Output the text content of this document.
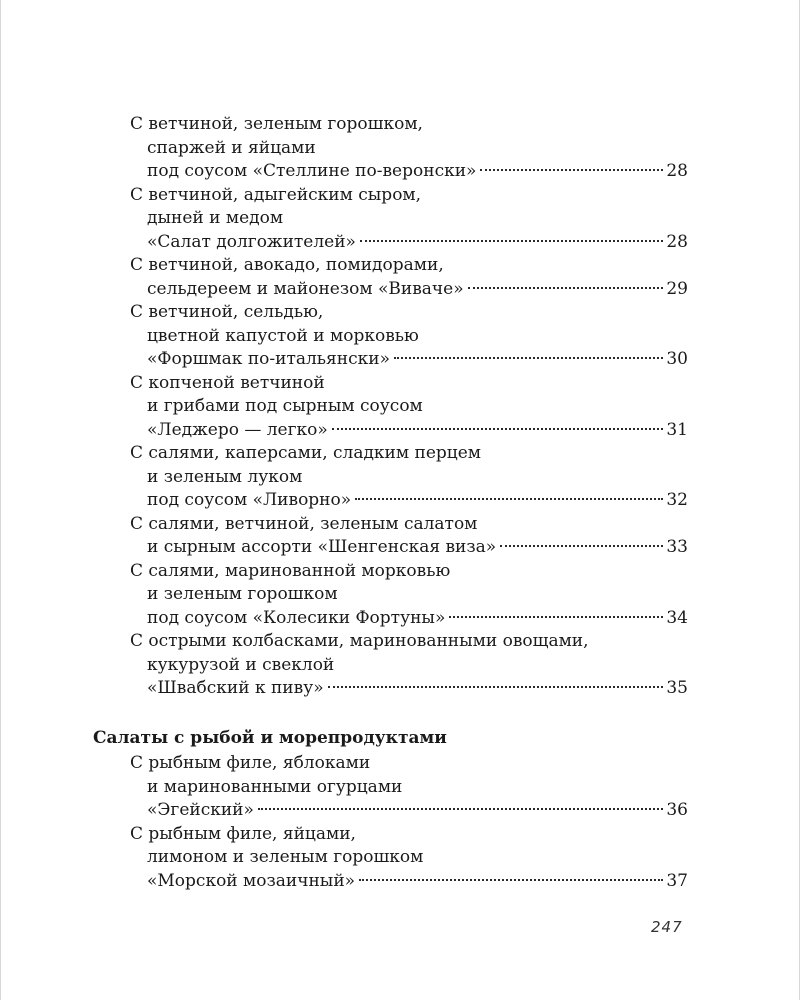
С ветчиной, зеленым горошком,
спаржей и яйцами
под соусом «Стеллине по-веронски»	28
С ветчиной, адыгейским сыром,
дыней и медом
«Салат долгожителей»	28
С ветчиной, авокадо, помидорами,
сельдереем и майонезом «Виваче»	29
С ветчиной, сельдью,
цветной капустой и морковью
«Форшмак по-итальянски»	30
С копченой ветчиной
и грибами под сырным соусом
«Леджеро — легко»	31
С салями, каперсами, сладким перцем
и зеленым луком
под соусом «Ливорно»	32
С салями, ветчиной, зеленым салатом
и сырным ассорти «Шенгенская виза»	33
С салями, маринованной морковью
и зеленым горошком
под соусом «Колесики Фортуны»	34
С острыми колбасками, маринованными овощами,
кукурузой и свеклой
«Швабский к пиву»	35
Салаты с рыбой и морепродуктами
С рыбным филе, яблоками
и маринованными огурцами
«Эгейский»	36
С рыбным филе, яйцами,
лимоном и зеленым горошком
«Морской мозаичный»	37
247
